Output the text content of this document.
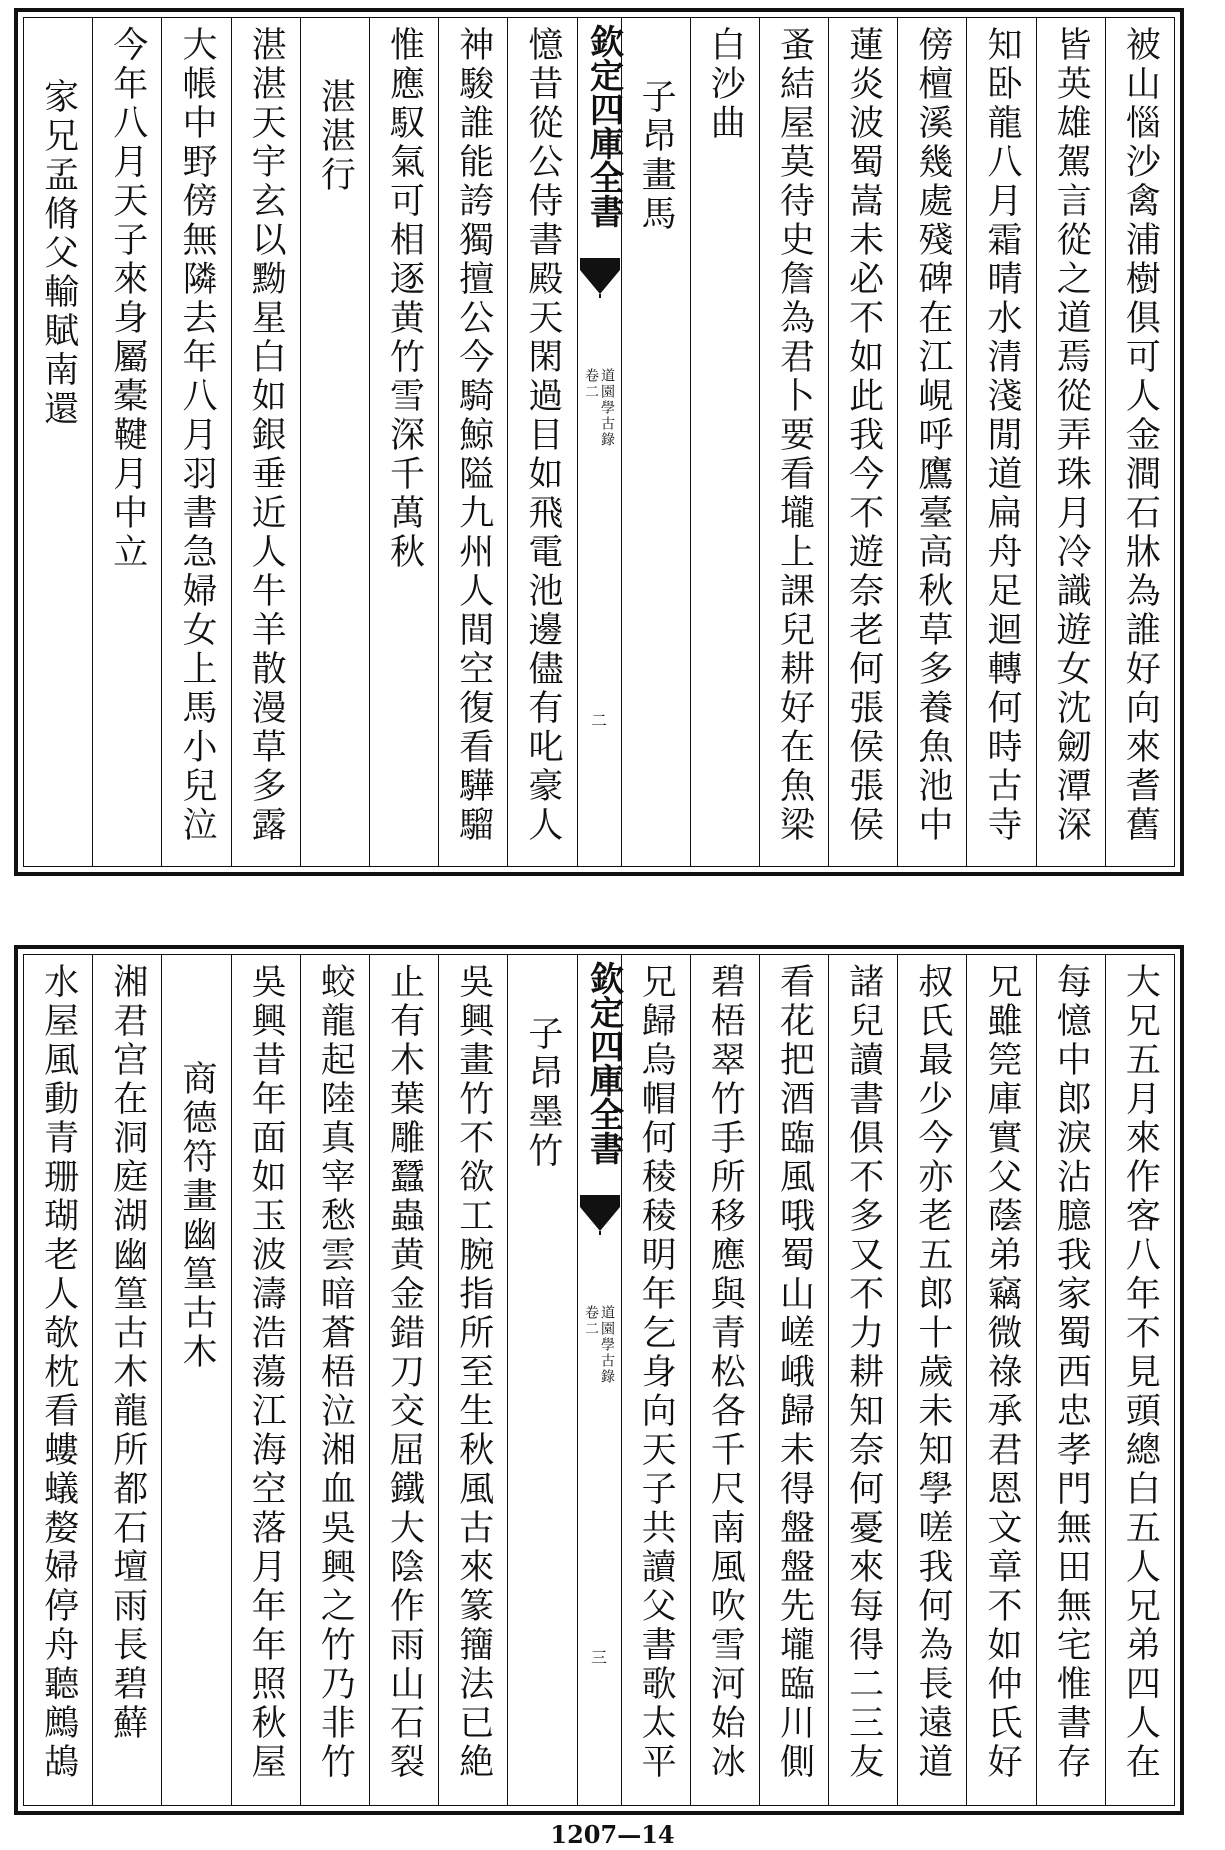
被山惱沙禽浦樹俱可人金澗石牀為誰好向來耆舊
皆英雄駕言從之道焉從弄珠月冷識遊女沈劒潭深
知卧龍八月霜晴水清淺閒道扁舟足迴轉何時古寺
傍檀溪幾處殘碑在江峴呼鷹臺高秋草多養魚池中
蓮炎波蜀嵩未必不如此我今不遊奈老何張侯張侯
蚤結屋莫待史詹為君卜要看壠上課兒耕好在魚梁
白沙曲
子昂畫馬
欽定四庫全書
道園學古錄
卷二
二
憶昔從公侍書殿天閑過目如飛電池邊儘有叱豪人
神駿誰能誇獨擅公今騎鯨隘九州人間空復看驊騮
惟應馭氣可相逐黄竹雪深千萬秋
湛湛行
湛湛天宇玄以黝星白如銀垂近人牛羊散漫草多露
大帳中野傍無隣去年八月羽書急婦女上馬小兒泣
今年八月天子來身屬橐鞬月中立
家兄孟脩父輸賦南還
大兄五月來作客八年不見頭總白五人兄弟四人在
每憶中郎淚沾臆我家蜀西忠孝門無田無宅惟書存
兄雖筦庫實父蔭弟竊微祿承君恩文章不如仲氏好
叔氏最少今亦老五郎十歲未知學嗟我何為長遠道
諸兒讀書俱不多又不力耕知奈何憂來每得二三友
看花把酒臨風哦蜀山嵯峨歸未得盤盤先壠臨川側
碧梧翠竹手所移應與青松各千尺南風吹雪河始冰
兄歸烏帽何稜稜明年乞身向天子共讀父書歌太平
欽定四庫全書
道園學古錄
卷二
三
子昂墨竹
吳興畫竹不欲工腕指所至生秋風古來篆籒法已絶
止有木葉雕蠶蟲黄金錯刀交屈鐵大陰作雨山石裂
蛟龍起陸真宰愁雲暗蒼梧泣湘血吳興之竹乃非竹
吳興昔年面如玉波濤浩蕩江海空落月年年照秋屋
商德符畫幽篁古木
湘君宫在洞庭湖幽篁古木龍所都石壇雨長碧蘚
水屋風動青珊瑚老人欹枕看螻蟻嫠婦停舟聽鷓鴣
1207—14
